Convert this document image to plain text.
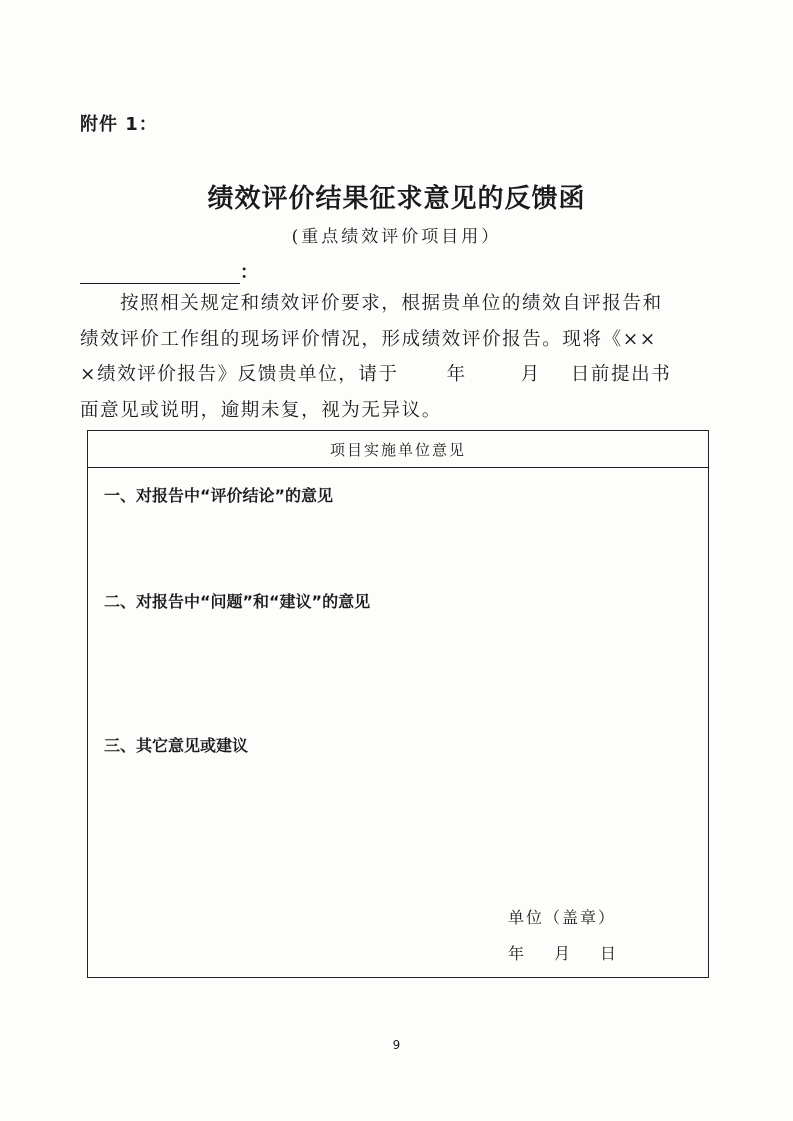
附件 1：
绩效评价结果征求意见的反馈函
(重点绩效评价项目用）
：
按照相关规定和绩效评价要求，根据贵单位的绩效自评报告和
绩效评价工作组的现场评价情况，形成绩效评价报告。现将《××
×绩效评价报告》反馈贵单位，请于	年	月 日前提出书
面意见或说明，逾期未复，视为无异议。
项目实施单位意见
一、对报告中“评价结论”的意见
二、对报告中“问题”和“建议”的意见
三、其它意见或建议
单位（盖章）
年 月 日
9
